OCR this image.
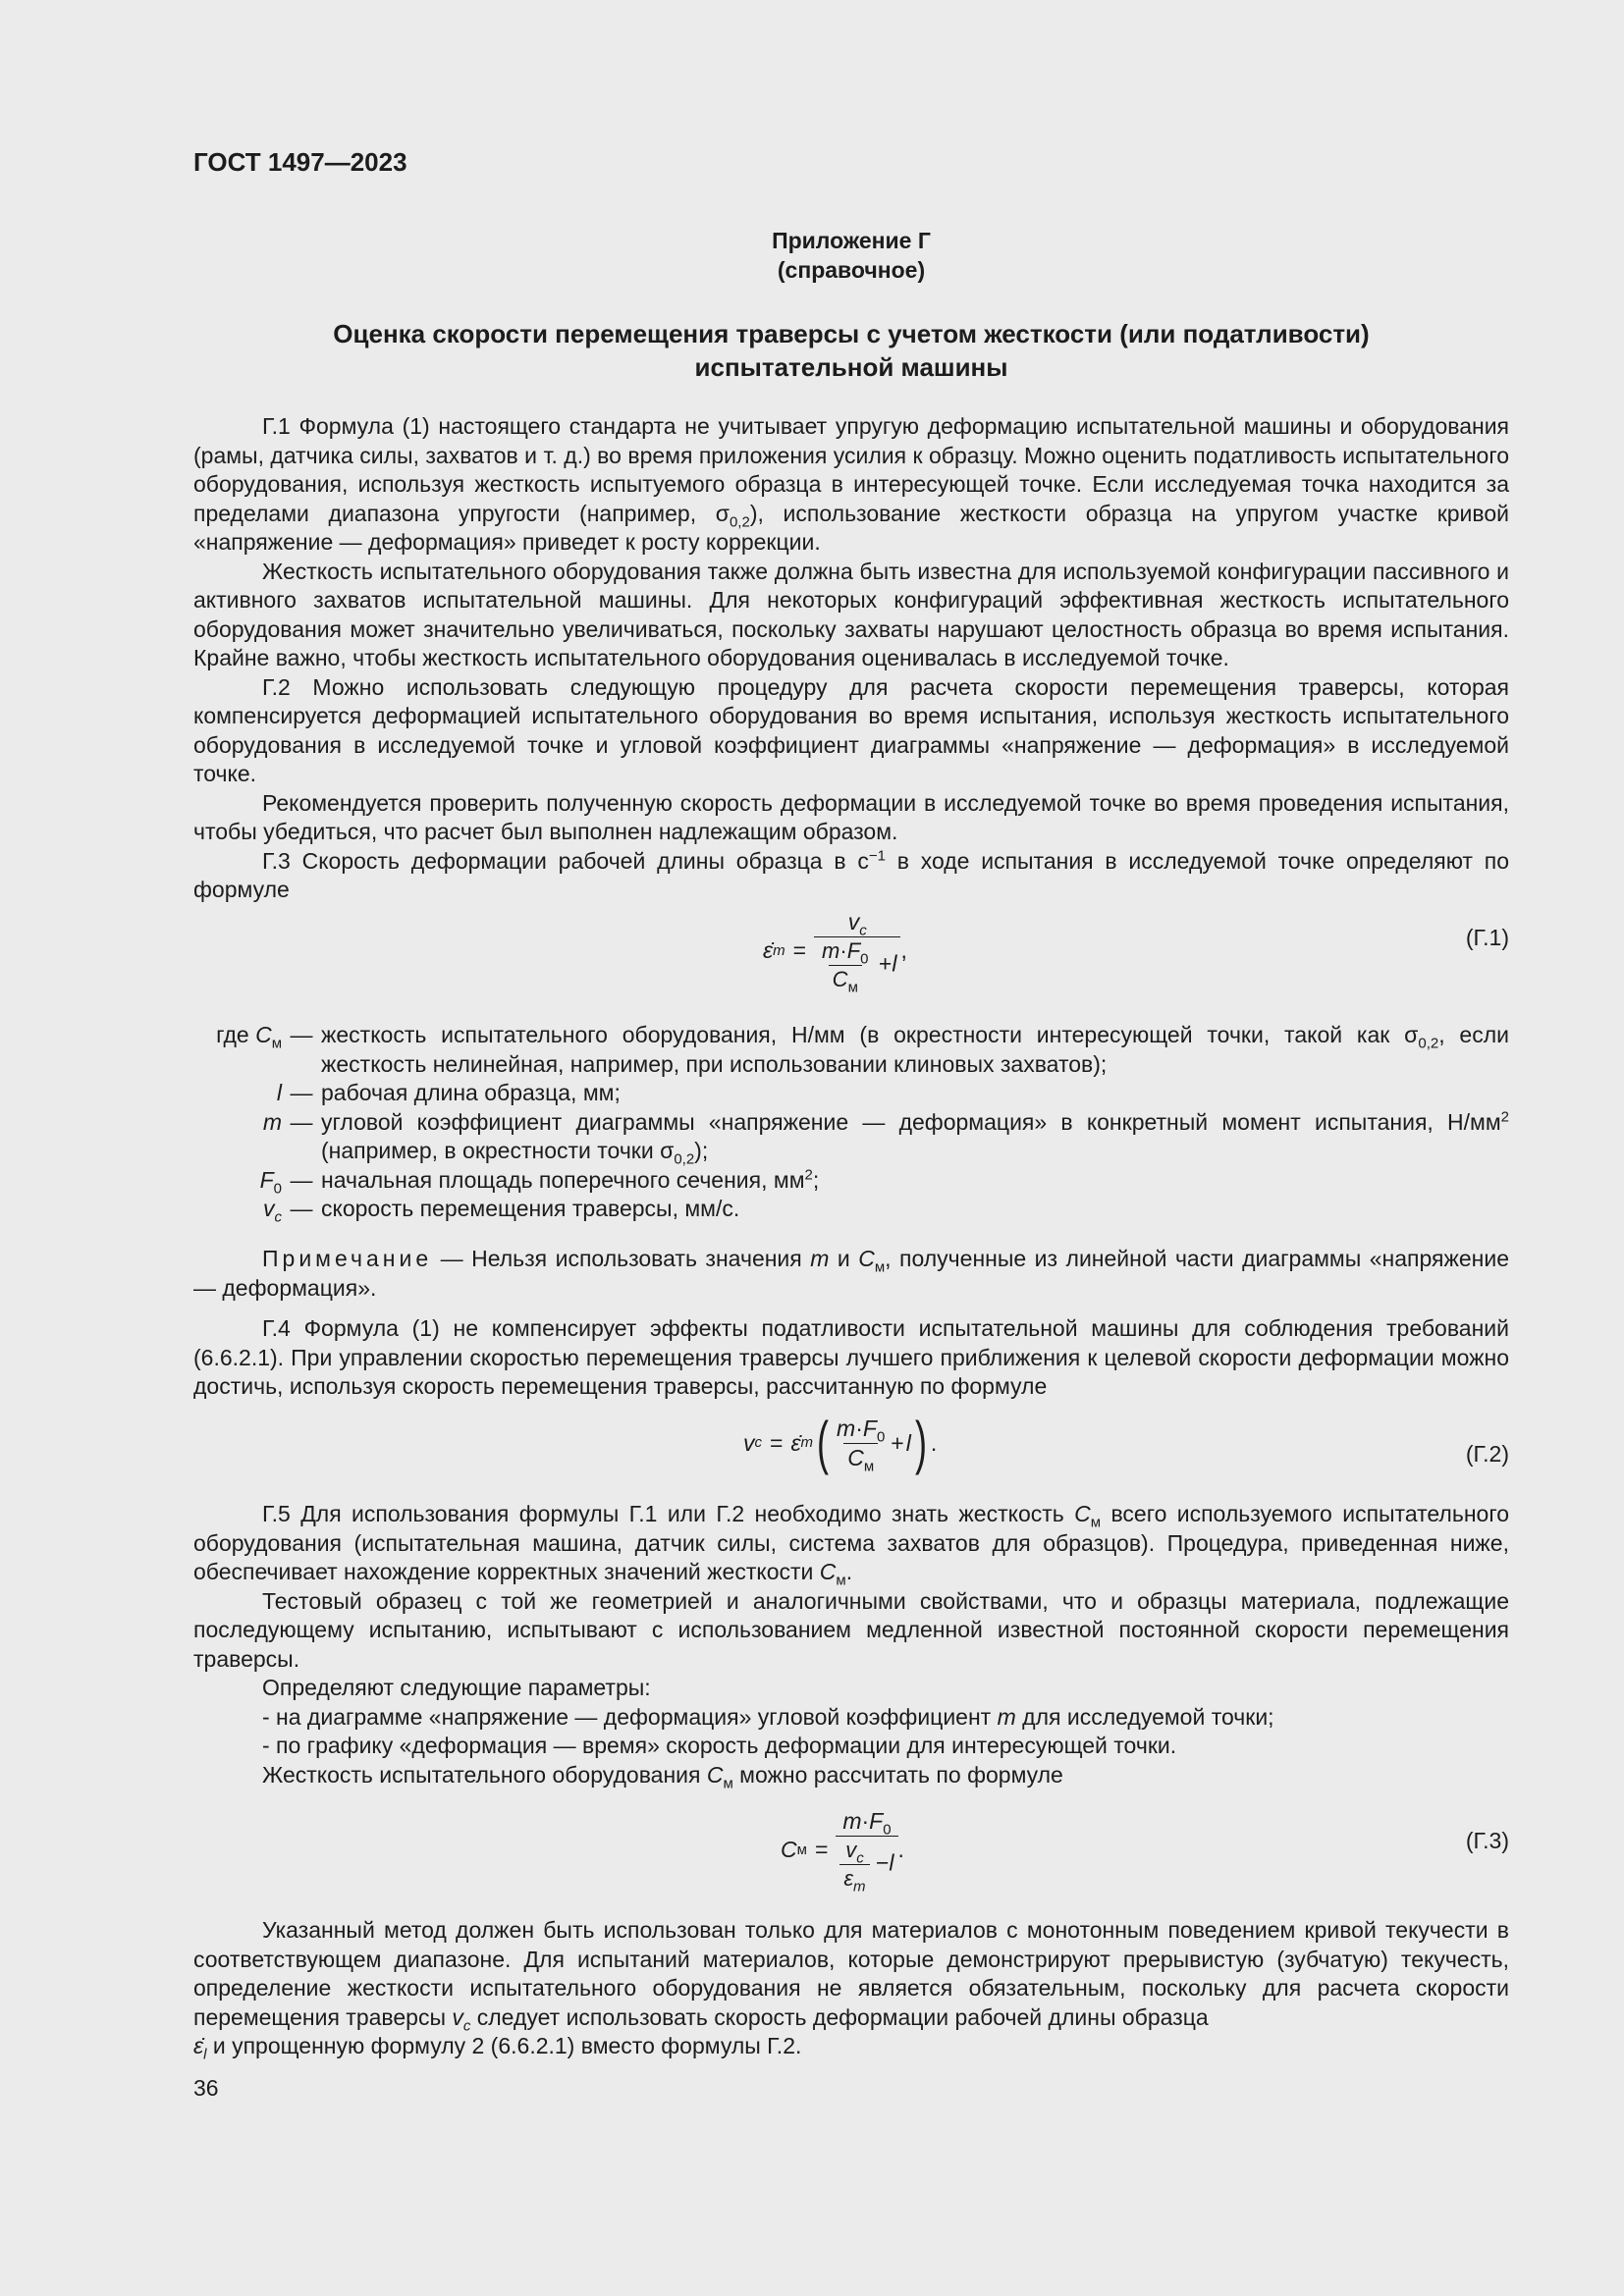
ГОСТ 1497—2023
Приложение Г
(справочное)
Оценка скорости перемещения траверсы с учетом жесткости (или податливости)
испытательной машины

Г.1 Формула (1) настоящего стандарта не учитывает упругую деформацию испытательной машины и оборудования (рамы, датчика силы, захватов и т. д.) во время приложения усилия к образцу. Можно оценить податливость испытательного оборудования, используя жесткость испытуемого образца в интересующей точке. Если исследуемая точка находится за пределами диапазона упругости (например, $\sigma_{0,2}$), использование жесткости образца на упругом участке кривой «напряжение — деформация» приведет к росту коррекции.

Жесткость испытательного оборудования также должна быть известна для используемой конфигурации пассивного и активного захватов испытательной машины. Для некоторых конфигураций эффективная жесткость испытательного оборудования может значительно увеличиваться, поскольку захваты нарушают целостность образца во время испытания. Крайне важно, чтобы жесткость испытательного оборудования оценивалась в исследуемой точке.

Г.2 Можно использовать следующую процедуру для расчета скорости перемещения траверсы, которая компенсируется деформацией испытательного оборудования во время испытания, используя жесткость испытательного оборудования в исследуемой точке и угловой коэффициент диаграммы «напряжение — деформация» в исследуемой точке.

Рекомендуется проверить полученную скорость деформации в исследуемой точке во время проведения испытания, чтобы убедиться, что расчет был выполнен надлежащим образом.

Г.3 Скорость деформации рабочей длины образца в $с^{-1}$ в ходе испытания в исследуемой точке определяют по формуле

ε̇ $m = \frac{v_c}{\frac{m\cdot F_0}{C_м} +l}$ ,	(Г.1)
где $C_м$ — жесткость испытательного оборудования, Н/мм (в окрестности интересующей точки, такой как $\sigma_{0,2}$, если жесткость нелинейная, например, при использовании клиновых захватов);
l — рабочая длина образца, мм;
m — угловой коэффициент диаграммы «напряжение — деформация» в конкретный момент испытания, $Н/мм^2$ (например, в окрестности точки $\sigma_{0,2}$);
$F_0$ — начальная площадь поперечного сечения, $мм^2$;
$v_c$ — скорость перемещения траверсы, мм/с.

Примечание — Нельзя использовать значения m и $C_м$, полученные из линейной части диаграммы «напряжение — деформация».

Г.4 Формула (1) не компенсирует эффекты податливости испытательной машины для соблюдения требований (6.6.2.1). При управлении скоростью перемещения траверсы лучшего приближения к целевой скорости деформации можно достичь, используя скорость перемещения траверсы, рассчитанную по формуле

v c = ε̇ m ( $\frac{m\cdot F_0}{C_м} + l$ ) .	(Г.2)

Г.5 Для использования формулы Г.1 или Г.2 необходимо знать жесткость $C_м$ всего используемого испытательного оборудования (испытательная машина, датчик силы, система захватов для образцов). Процедура, приведенная ниже, обеспечивает нахождение корректных значений жесткости $C_м$.

Тестовый образец с той же геометрией и аналогичными свойствами, что и образцы материала, подлежащие последующему испытанию, испытывают с использованием медленной известной постоянной скорости перемещения траверсы.

Определяют следующие параметры:

- на диаграмме «напряжение — деформация» угловой коэффициент m для исследуемой точки;

- по графику «деформация — время» скорость деформации для интересующей точки.

Жесткость испытательного оборудования $C_м$ можно рассчитать по формуле

C $м = \frac{m\cdot F_0}{\frac{v_c}{\varepsilon_m} -l}$ .	(Г.3)

Указанный метод должен быть использован только для материалов с монотонным поведением кривой текучести в соответствующем диапазоне. Для испытаний материалов, которые демонстрируют прерывистую (зубчатую) текучесть, определение жесткости испытательного оборудования не является обязательным, поскольку для расчета скорости перемещения траверсы $v_c$ следует использовать скорость деформации рабочей длины образца
$\varepsiloṅ_l$ и упрощенную формулу 2 (6.6.2.1) вместо формулы Г.2.

36
